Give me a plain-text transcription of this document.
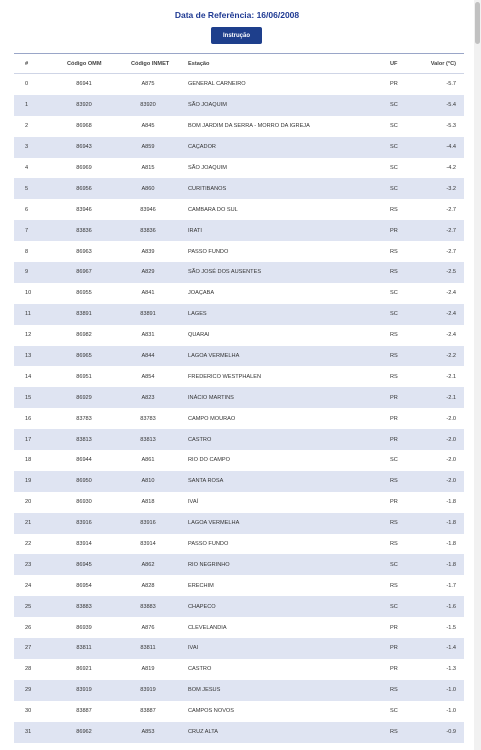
Data de Referência: 16/06/2008
Instrução
#	Código OMM	Código INMET	Estação	UF	Valor (°C)
0	86941	A875	GENERAL CARNEIRO	PR	-5.7
1	83920	83920	SÃO JOAQUIM	SC	-5.4
2	86968	A845	BOM JARDIM DA SERRA - MORRO DA IGREJA	SC	-5.3
3	86943	A859	CAÇADOR	SC	-4.4
4	86969	A815	SÃO JOAQUIM	SC	-4.2
5	86956	A860	CURITIBANOS	SC	-3.2
6	83946	83946	CAMBARA DO SUL	RS	-2.7
7	83836	83836	IRATI	PR	-2.7
8	86963	A839	PASSO FUNDO	RS	-2.7
9	86967	A829	SÃO JOSÉ DOS AUSENTES	RS	-2.5
10	86955	A841	JOAÇABA	SC	-2.4
11	83891	83891	LAGES	SC	-2.4
12	86982	A831	QUARAI	RS	-2.4
13	86965	A844	LAGOA VERMELHA	RS	-2.2
14	86951	A854	FREDERICO WESTPHALEN	RS	-2.1
15	86929	A823	INÁCIO MARTINS	PR	-2.1
16	83783	83783	CAMPO MOURAO	PR	-2.0
17	83813	83813	CASTRO	PR	-2.0
18	86944	A861	RIO DO CAMPO	SC	-2.0
19	86950	A810	SANTA ROSA	RS	-2.0
20	86930	A818	IVAÍ	PR	-1.8
21	83916	83916	LAGOA VERMELHA	RS	-1.8
22	83914	83914	PASSO FUNDO	RS	-1.8
23	86945	A862	RIO NEGRINHO	SC	-1.8
24	86954	A828	ERECHIM	RS	-1.7
25	83883	83883	CHAPECO	SC	-1.6
26	86939	A876	CLEVELANDIA	PR	-1.5
27	83811	83811	IVAI	PR	-1.4
28	86921	A819	CASTRO	PR	-1.3
29	83919	83919	BOM JESUS	RS	-1.0
30	83887	83887	CAMPOS NOVOS	SC	-1.0
31	86962	A853	CRUZ ALTA	RS	-0.9
